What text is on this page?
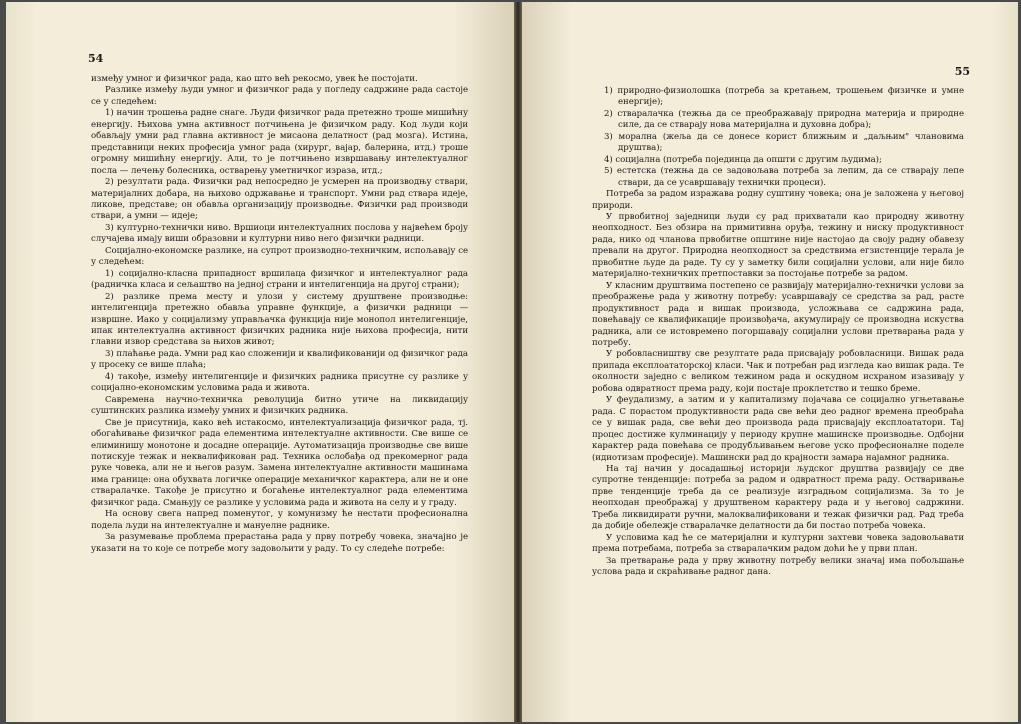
54

између умног и физичког рада, као што већ рекосмо, увек ће постојати.

Разлике између људи умног и физичког рада у погледу садржине рада састоје се у следећем:

1) начин трошења радне снаге. Људи физичког рада претежно троше мишићну енергију. Њихова умна активност потчињена је физичком раду. Код људи који обављају умни рад главна активност је мисаона делатност (рад мозга). Истина, представници неких професија умног рада (хирург, вајар, балерина, итд.) троше огромну мишићну енергију. Али, то је потчињено извршавању интелектуалног посла — лечењу болесника, остварењу уметничког израза, итд.;

2) резултати рада. Физички рад непосредно је усмерен на производњу ствари, материјалних добара, на њихово одржавање и транспорт. Умни рад ствара идеје, ликове, представе; он обавља организацију производње. Физички рад производи ствари, а умни — идеје;

3) културно-технички ниво. Вршиоци интелектуалних послова у највећем броју случајева имају виши образовни и културни ниво него физички радници.

Социјално-економске разлике, на супрот производно-техничким, испољавају се у следећем:

1) социјално-класна припадност вршилаца физичког и интелектуалног рада (радничка класа и сељаштво на једној страни и интелигенција на другој страни);

2) разлике према месту и улози у систему друштвене производње: интелигенција претежно обавља управне функције, а физички радници — извршне. Иако у социјализму управљачка функција није монопол интелигенције, ипак интелектуална активност физичких радника није њихова професија, нити главни извор средстава за њихов живот;

3) плаћање рада. Умни рад као сложенији и квалификованији од физичког рада у просеку се више плаћа;

4) такође, између интелигенције и физичких радника присутне су разлике у социјално-економским условима рада и живота.

Савремена научно-техничка револуција битно утиче на ликвидацију суштинских разлика између умних и физичких радника.

Све је присутнија, како већ истакосмо, интелектуализација физичког рада, тј. обогаћивање физичког рада елементима интелектуалне активности. Све више се елиминишу монотоне и досадне операције. Аутоматизација производње све више потискује тежак и неквалификован рад. Техника ослобађа од прекомерног рада руке човека, али не и његов разум. Замена интелектуалне активности машинама има границе: она обухвата логичке операције механичког карактера, али не и оне стваралачке. Такође је присутно и богаћење интелектуалног рада елементима физичког рада. Смањују се разлике у условима рада и живота на селу и у граду.

На основу свега напред поменутог, у комунизму ће нестати професионална подела људи на интелектуалне и мануелне раднике.

За разумевање проблема прерастања рада у прву потребу човека, значајно је указати на то које се потребе могу задовољити у раду. То су следеће потребе:

55
1) природно-физиолошка (потреба за кретањем, трошењем физичке и умне енергије);
2) стваралачка (тежња да се преображавају природна материја и природне силе, да се стварају нова материјална и духовна добра);
3) морална (жеља да се донесе корист ближњим и „даљњим" члановима друштва);
4) социјална (потреба појединца да општи с другим људима);
5) естетска (тежња да се задовољава потреба за лепим, да се стварају лепе ствари, да се усавршавају технички процеси).

Потреба за радом изражава родну суштину човека; она је заложена у његовој природи.

У првобитној заједници људи су рад прихватали као природну животну неопходност. Без обзира на примитивна оруђа, тежину и ниску продуктивност рада, нико од чланова првобитне општине није настојао да своју радну обавезу превали на другог. Природна неопходност за средствима егзистенције терала је првобитне људе да раде. Ту су у заметку били социјални услови, али није било материјално-техничких претпоставки за постојање потребе за радом.

У класним друштвима постепено се развијају материјално-технички услови за преображење рада у животну потребу: усавршавају се средства за рад, расте продуктивност рада и вишак производа, усложњава се садржина рада, повећавају се квалификације произвођача, акумулирају се производна искуства радника, али се истовремено погоршавају социјални услови претварања рада у потребу.

У робовласништву све резултате рада присвајају робовласници. Вишак рада припада експлоататорској класи. Чак и потребан рад изгледа као вишак рада. Те околности заједно с великом тежином рада и оскудном исхраном изазивају у робова одвратност према раду, који постаје проклетство и тешко бреме.

У феудализму, а затим и у капитализму појачава се социјално угњетавање рада. С порастом продуктивности рада све већи део радног времена преобраћа се у вишак рада, све већи део производа рада присвајају експлоататори. Тај процес достиже кулминацију у периоду крупне машинске производње. Одбојни карактер рада повећава се продубљивањем његове уско професионалне поделе (идиотизам професије). Машински рад до краjности замара најамног радника.

На тај начин у досадашњој историји људског друштва развијају се две супротне тенденције: потреба за радом и одвратност према раду. Остваривање прве тенденције треба да се реализује изградњом социјализма. За то је неопходан преображај у друштвеном карактеру рада и у његовој садржини. Треба ликвидирати ручни, малоквалификовани и тежак физички рад. Рад треба да добије обележје стваралачке делатности да би постао потреба човека.

У условима кад ће се материјални и културни захтеви човека задовољавати према потребама, потреба за стваралачким радом доћи ће у први план.

За претварање рада у прву животну потребу велики значај има побољшање услова рада и скраћивање радног дана.
